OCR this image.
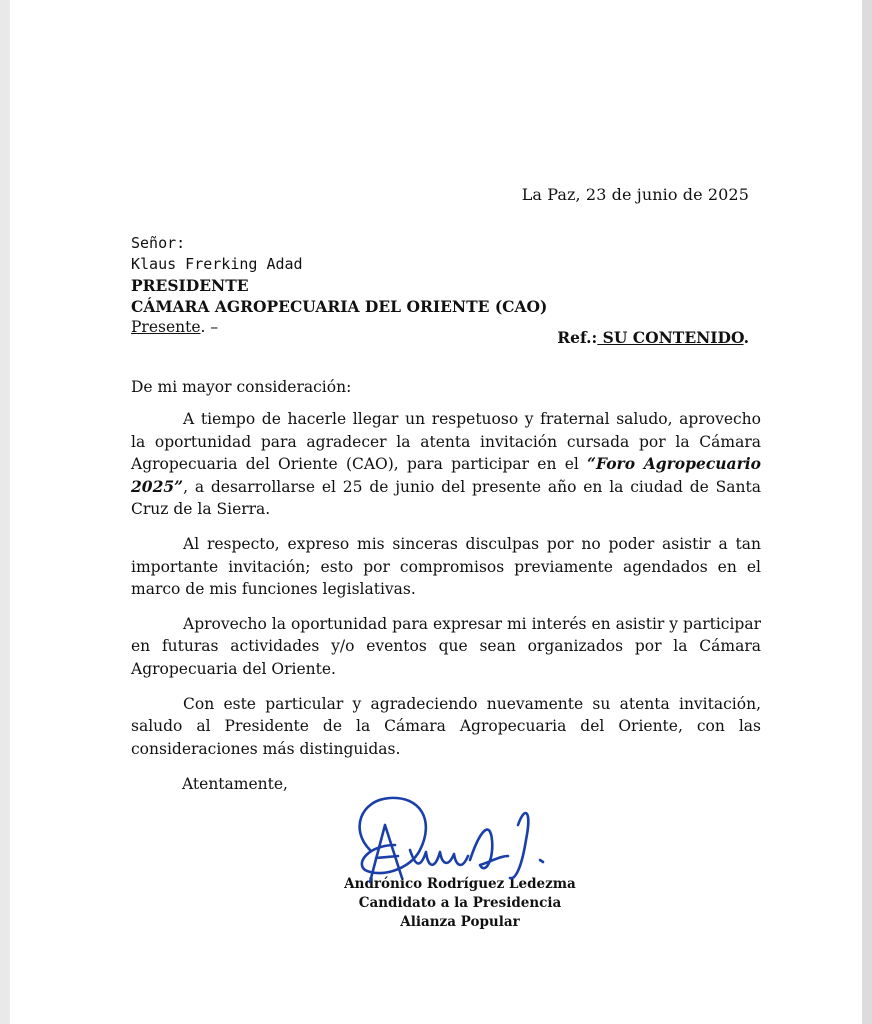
La Paz, 23 de junio de 2025
Señor:
Klaus Frerking Adad
PRESIDENTE
CÁMARA AGROPECUARIA DEL ORIENTE (CAO)
Presente. –
Ref.: SU CONTENIDO.
De mi mayor consideración:

A tiempo de hacerle llegar un respetuoso y fraternal saludo, aprovecho la oportunidad para agradecer la atenta invitación cursada por la Cámara Agropecuaria del Oriente (CAO), para participar en el “Foro Agropecuario 2025”, a desarrollarse el 25 de junio del presente año en la ciudad de Santa Cruz de la Sierra.

Al respecto, expreso mis sinceras disculpas por no poder asistir a tan importante invitación; esto por compromisos previamente agendados en el marco de mis funciones legislativas.

Aprovecho la oportunidad para expresar mi interés en asistir y participar en futuras actividades y/o eventos que sean organizados por la Cámara Agropecuaria del Oriente.

Con este particular y agradeciendo nuevamente su atenta invitación, saludo al Presidente de la Cámara Agropecuaria del Oriente, con las consideraciones más distinguidas.

Atentamente,
Andrónico Rodríguez Ledezma
Candidato a la Presidencia
Alianza Popular
